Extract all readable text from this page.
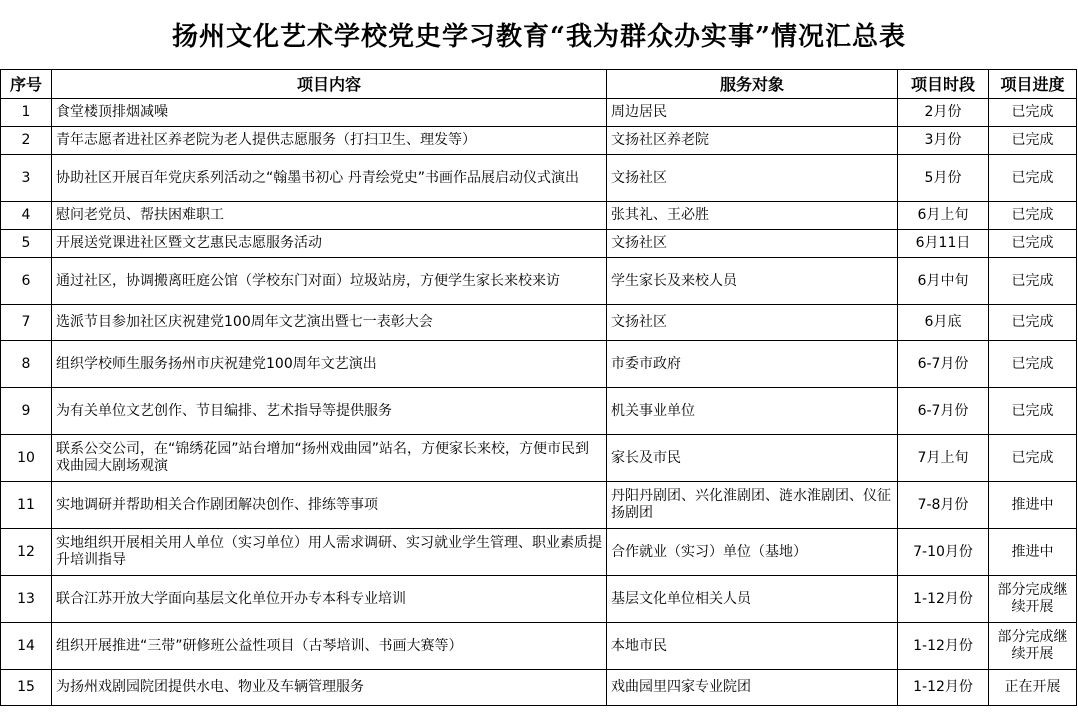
扬州文化艺术学校党史学习教育“我为群众办实事”情况汇总表
序号	项目内容	服务对象	项目时段	项目进度
1	食堂楼顶排烟减噪	周边居民	2月份	已完成
2	青年志愿者进社区养老院为老人提供志愿服务（打扫卫生、理发等）	文扬社区养老院	3月份	已完成
3	协助社区开展百年党庆系列活动之“翰墨书初心 丹青绘党史”书画作品展启动仪式演出	文扬社区	5月份	已完成
4	慰问老党员、帮扶困难职工	张其礼、王必胜	6月上旬	已完成
5	开展送党课进社区暨文艺惠民志愿服务活动	文扬社区	6月11日	已完成
6	通过社区，协调搬离旺庭公馆（学校东门对面）垃圾站房，方便学生家长来校来访	学生家长及来校人员	6月中旬	已完成
7	选派节目参加社区庆祝建党100周年文艺演出暨七一表彰大会	文扬社区	6月底	已完成
8	组织学校师生服务扬州市庆祝建党100周年文艺演出	市委市政府	6-7月份	已完成
9	为有关单位文艺创作、节目编排、艺术指导等提供服务	机关事业单位	6-7月份	已完成
10	联系公交公司，在“锦绣花园”站台增加“扬州戏曲园”站名，方便家长来校，方便市民到戏曲园大剧场观演	家长及市民	7月上旬	已完成
11	实地调研并帮助相关合作剧团解决创作、排练等事项	丹阳丹剧团、兴化淮剧团、涟水淮剧团、仪征扬剧团	7-8月份	推进中
12	实地组织开展相关用人单位（实习单位）用人需求调研、实习就业学生管理、职业素质提升培训指导	合作就业（实习）单位（基地）	7-10月份	推进中
13	联合江苏开放大学面向基层文化单位开办专本科专业培训	基层文化单位相关人员	1-12月份	部分完成继续开展
14	组织开展推进“三带”研修班公益性项目（古琴培训、书画大赛等）	本地市民	1-12月份	部分完成继续开展
15	为扬州戏剧园院团提供水电、物业及车辆管理服务	戏曲园里四家专业院团	1-12月份	正在开展
